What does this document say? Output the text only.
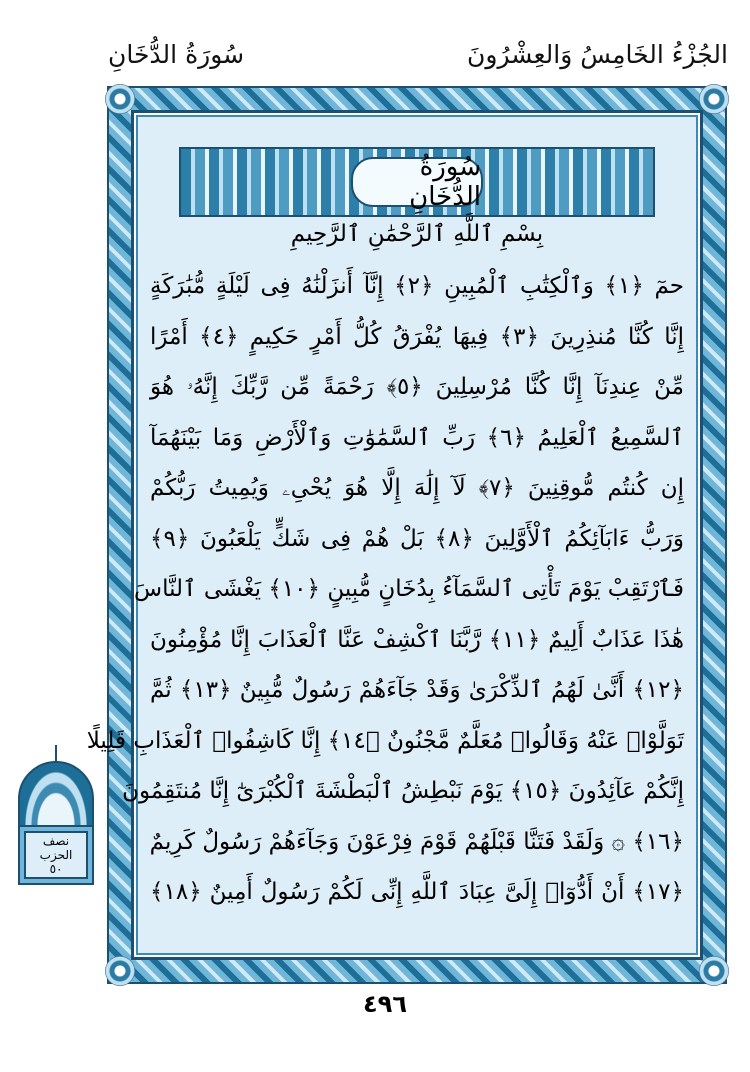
سُورَةُ الدُّخَانِ	الجُزْءُ الخَامِسُ وَالعِشْرُونَ
سُورَةُ الدُّخَانِ
بِسْمِ ٱللَّهِ ٱلرَّحْمَٰنِ ٱلرَّحِيمِ
حمٓ ﴿١﴾ وَٱلْكِتَٰبِ ٱلْمُبِينِ ﴿٢﴾ إِنَّآ أَنزَلْنَٰهُ فِى لَيْلَةٍ مُّبَٰرَكَةٍ
إِنَّا كُنَّا مُنذِرِينَ ﴿٣﴾ فِيهَا يُفْرَقُ كُلُّ أَمْرٍ حَكِيمٍ ﴿٤﴾ أَمْرًا
مِّنْ عِندِنَآ إِنَّا كُنَّا مُرْسِلِينَ ﴿٥﴾ رَحْمَةً مِّن رَّبِّكَ إِنَّهُۥ هُوَ
ٱلسَّمِيعُ ٱلْعَلِيمُ ﴿٦﴾ رَبِّ ٱلسَّمَٰوَٰتِ وَٱلْأَرْضِ وَمَا بَيْنَهُمَآ
إِن كُنتُم مُّوقِنِينَ ﴿٧﴾ لَآ إِلَٰهَ إِلَّا هُوَ يُحْىِۦ وَيُمِيتُ رَبُّكُمْ
وَرَبُّ ءَابَآئِكُمُ ٱلْأَوَّلِينَ ﴿٨﴾ بَلْ هُمْ فِى شَكٍّ يَلْعَبُونَ ﴿٩﴾
فَٱرْتَقِبْ يَوْمَ تَأْتِى ٱلسَّمَآءُ بِدُخَانٍ مُّبِينٍ ﴿١٠﴾ يَغْشَى ٱلنَّاسَ
هَٰذَا عَذَابٌ أَلِيمٌ ﴿١١﴾ رَّبَّنَا ٱكْشِفْ عَنَّا ٱلْعَذَابَ إِنَّا مُؤْمِنُونَ
﴿١٢﴾ أَنَّىٰ لَهُمُ ٱلذِّكْرَىٰ وَقَدْ جَآءَهُمْ رَسُولٌ مُّبِينٌ ﴿١٣﴾ ثُمَّ
تَوَلَّوْا۟ عَنْهُ وَقَالُوا۟ مُعَلَّمٌ مَّجْنُونٌ ﴿١٤﴾ إِنَّا كَاشِفُوا۟ ٱلْعَذَابِ قَلِيلًا
إِنَّكُمْ عَآئِدُونَ ﴿١٥﴾ يَوْمَ نَبْطِشُ ٱلْبَطْشَةَ ٱلْكُبْرَىٰٓ إِنَّا مُنتَقِمُونَ
﴿١٦﴾ ۞ وَلَقَدْ فَتَنَّا قَبْلَهُمْ قَوْمَ فِرْعَوْنَ وَجَآءَهُمْ رَسُولٌ كَرِيمٌ
﴿١٧﴾ أَنْ أَدُّوٓا۟ إِلَىَّ عِبَادَ ٱللَّهِ إِنِّى لَكُمْ رَسُولٌ أَمِينٌ ﴿١٨﴾
نصف
الحزب
٥٠
٤٩٦
